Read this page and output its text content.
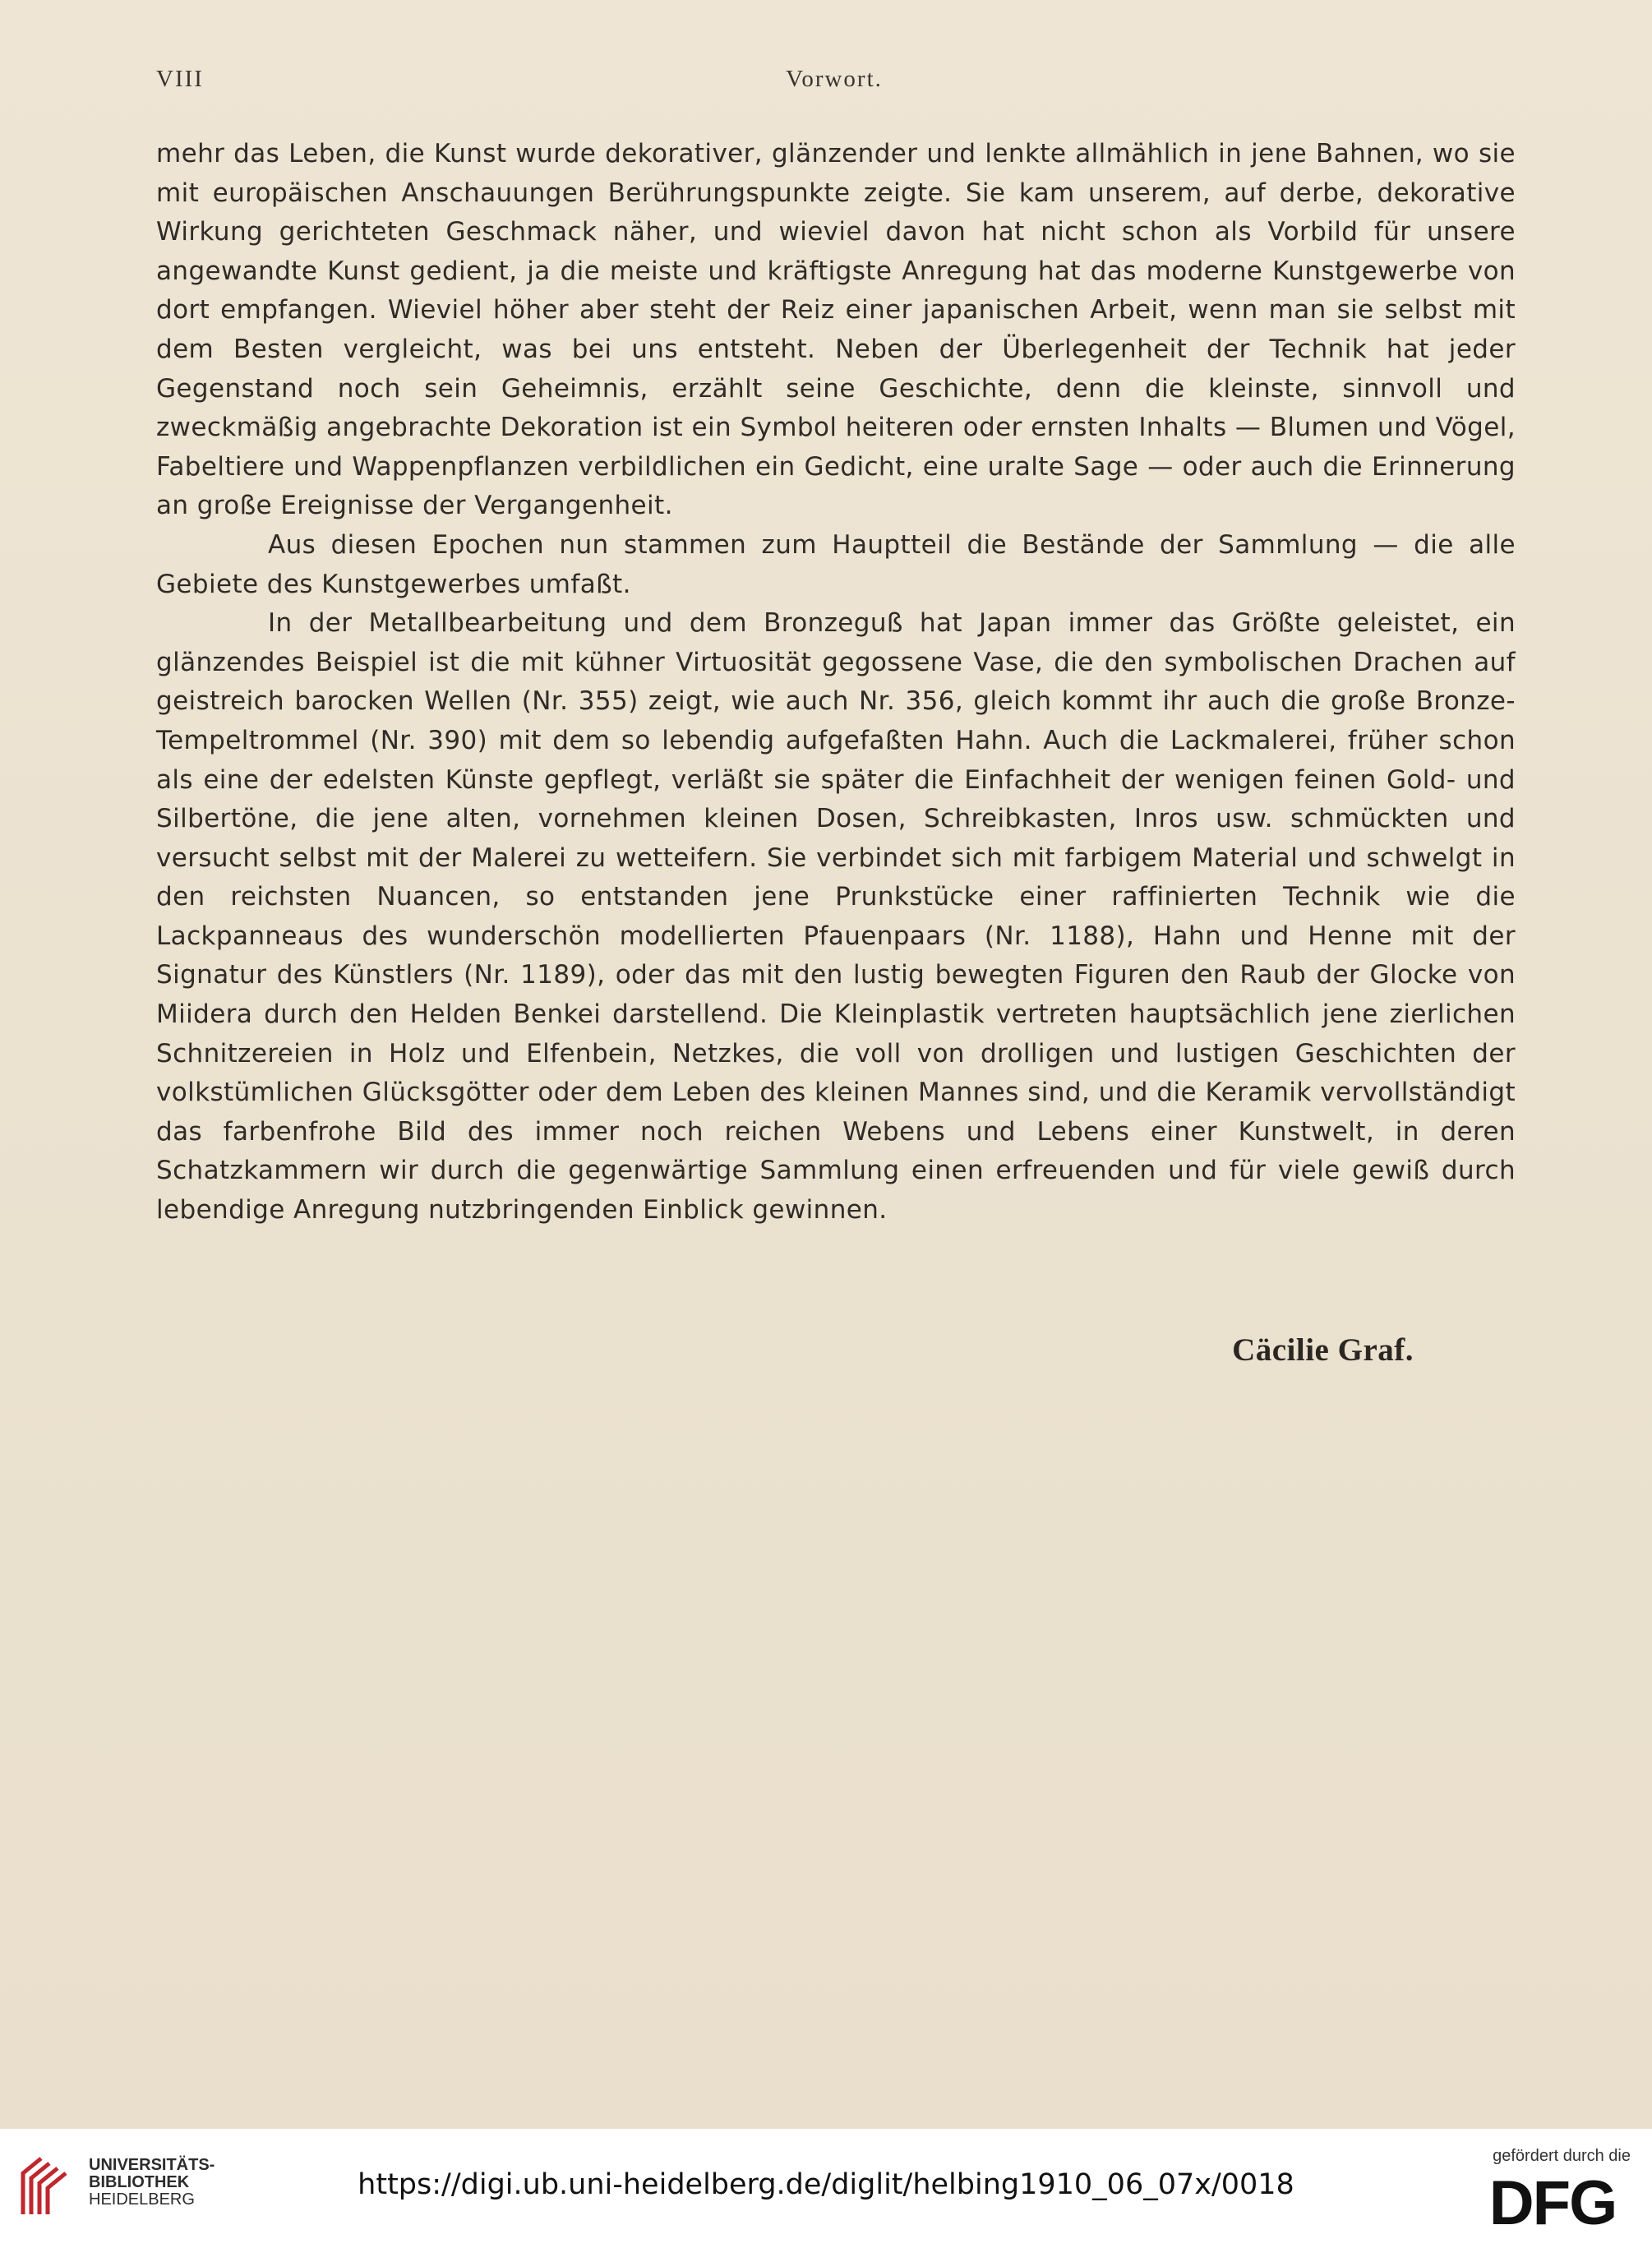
VIII	Vorwort.

mehr das Leben, die Kunst wurde dekorativer, glänzender und lenkte allmählich in jene Bahnen, wo sie mit europäischen Anschauungen Berührungspunkte zeigte. Sie kam unserem, auf derbe, dekorative Wirkung gerichteten Geschmack näher, und wieviel davon hat nicht schon als Vorbild für unsere angewandte Kunst gedient, ja die meiste und kräftigste Anregung hat das moderne Kunstgewerbe von dort empfangen. Wieviel höher aber steht der Reiz einer japanischen Arbeit, wenn man sie selbst mit dem Besten vergleicht, was bei uns entsteht. Neben der Überlegenheit der Technik hat jeder Gegenstand noch sein Geheimnis, erzählt seine Geschichte, denn die kleinste, sinnvoll und zweckmäßig angebrachte Dekoration ist ein Symbol heiteren oder ernsten Inhalts — Blumen und Vögel, Fabeltiere und Wappenpflanzen verbildlichen ein Gedicht, eine uralte Sage — oder auch die Erinnerung an große Ereignisse der Vergangenheit.

Aus diesen Epochen nun stammen zum Hauptteil die Bestände der Sammlung — die alle Gebiete des Kunstgewerbes umfaßt.

In der Metallbearbeitung und dem Bronzeguß hat Japan immer das Größte geleistet, ein glänzendes Beispiel ist die mit kühner Virtuosität gegossene Vase, die den symbolischen Drachen auf geistreich barocken Wellen (Nr. 355) zeigt, wie auch Nr. 356, gleich kommt ihr auch die große Bronze-Tempeltrommel (Nr. 390) mit dem so lebendig aufgefaßten Hahn. Auch die Lackmalerei, früher schon als eine der edelsten Künste gepflegt, verläßt sie später die Einfachheit der wenigen feinen Gold- und Silbertöne, die jene alten, vornehmen kleinen Dosen, Schreibkasten, Inros usw. schmückten und versucht selbst mit der Malerei zu wetteifern. Sie verbindet sich mit farbigem Material und schwelgt in den reichsten Nuancen, so entstanden jene Prunkstücke einer raffinierten Technik wie die Lackpanneaus des wunderschön modellierten Pfauenpaars (Nr. 1188), Hahn und Henne mit der Signatur des Künstlers (Nr. 1189), oder das mit den lustig bewegten Figuren den Raub der Glocke von Miidera durch den Helden Benkei darstellend. Die Kleinplastik vertreten hauptsächlich jene zierlichen Schnitzereien in Holz und Elfenbein, Netzkes, die voll von drolligen und lustigen Geschichten der volkstümlichen Glücksgötter oder dem Leben des kleinen Mannes sind, und die Keramik vervollständigt das farbenfrohe Bild des immer noch reichen Webens und Lebens einer Kunstwelt, in deren Schatzkammern wir durch die gegenwärtige Sammlung einen erfreuenden und für viele gewiß durch lebendige Anregung nutzbringenden Einblick gewinnen.

Cäcilie Graf.
UNIVERSITÄTS-
BIBLIOTHEK
HEIDELBERG	https://digi.ub.uni-heidelberg.de/diglit/helbing1910_06_07x/0018
gefördert durch die
DFG
